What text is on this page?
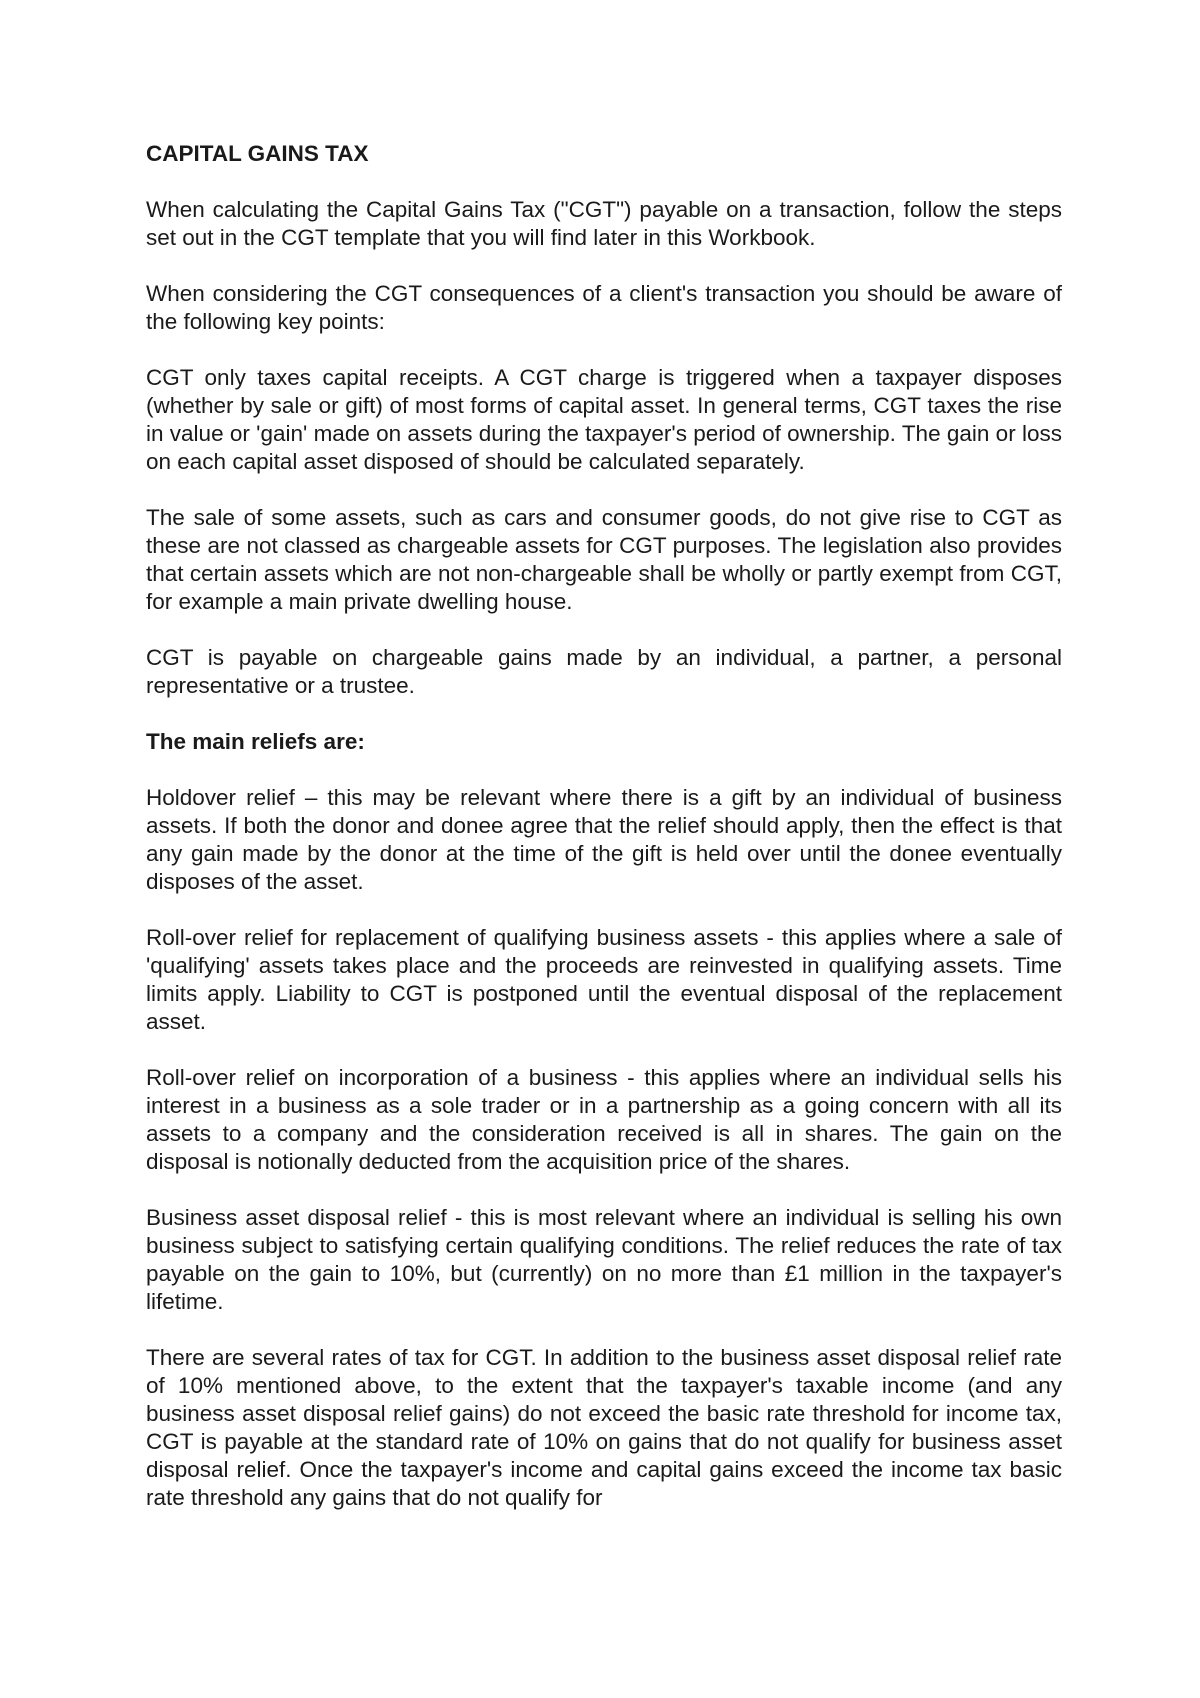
CAPITAL GAINS TAX

When calculating the Capital Gains Tax ("CGT") payable on a transaction, follow the steps set out in the CGT template that you will find later in this Workbook.

When considering the CGT consequences of a client's transaction you should be aware of the following key points:

CGT only taxes capital receipts. A CGT charge is triggered when a taxpayer disposes (whether by sale or gift) of most forms of capital asset. In general terms, CGT taxes the rise in value or 'gain' made on assets during the taxpayer's period of ownership. The gain or loss on each capital asset disposed of should be calculated separately.

The sale of some assets, such as cars and consumer goods, do not give rise to CGT as these are not classed as chargeable assets for CGT purposes. The legislation also provides that certain assets which are not non-chargeable shall be wholly or partly exempt from CGT, for example a main private dwelling house.

CGT is payable on chargeable gains made by an individual, a partner, a personal representative or a trustee.

The main reliefs are:

Holdover relief – this may be relevant where there is a gift by an individual of business assets. If both the donor and donee agree that the relief should apply, then the effect is that any gain made by the donor at the time of the gift is held over until the donee eventually disposes of the asset.

Roll-over relief for replacement of qualifying business assets - this applies where a sale of 'qualifying' assets takes place and the proceeds are reinvested in qualifying assets. Time limits apply. Liability to CGT is postponed until the eventual disposal of the replacement asset.

Roll-over relief on incorporation of a business - this applies where an individual sells his interest in a business as a sole trader or in a partnership as a going concern with all its assets to a company and the consideration received is all in shares. The gain on the disposal is notionally deducted from the acquisition price of the shares.

Business asset disposal relief - this is most relevant where an individual is selling his own business subject to satisfying certain qualifying conditions. The relief reduces the rate of tax payable on the gain to 10%, but (currently) on no more than £1 million in the taxpayer's lifetime.

There are several rates of tax for CGT. In addition to the business asset disposal relief rate of 10% mentioned above, to the extent that the taxpayer's taxable income (and any business asset disposal relief gains) do not exceed the basic rate threshold for income tax, CGT is payable at the standard rate of 10% on gains that do not qualify for business asset disposal relief. Once the taxpayer's income and capital gains exceed the income tax basic rate threshold any gains that do not qualify for
